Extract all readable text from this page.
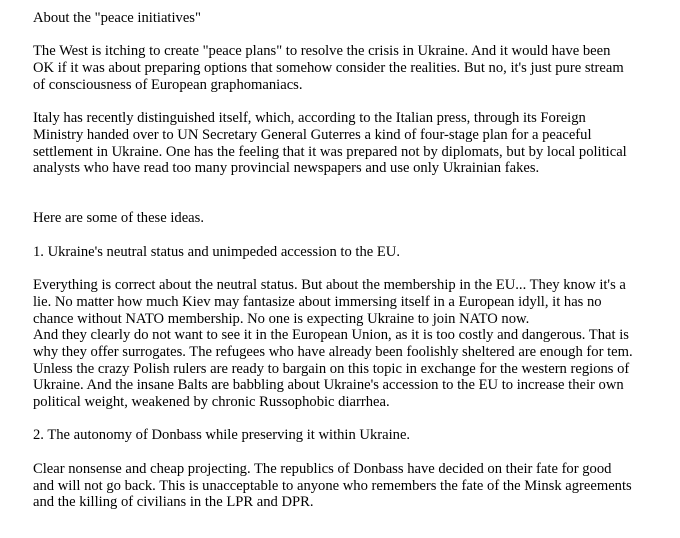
About the "peace initiatives"

The West is itching to create "peace plans" to resolve the crisis in Ukraine. And it would have been
OK if it was about preparing options that somehow consider the realities. But no, it's just pure stream
of consciousness of European graphomaniacs.

Italy has recently distinguished itself, which, according to the Italian press, through its Foreign
Ministry handed over to UN Secretary General Guterres a kind of four-stage plan for a peaceful
settlement in Ukraine. One has the feeling that it was prepared not by diplomats, but by local political
analysts who have read too many provincial newspapers and use only Ukrainian fakes.

Here are some of these ideas.

1. Ukraine's neutral status and unimpeded accession to the EU.

Everything is correct about the neutral status. But about the membership in the EU... They know it's a
lie. No matter how much Kiev may fantasize about immersing itself in a European idyll, it has no
chance without NATO membership. No one is expecting Ukraine to join NATO now.
And they clearly do not want to see it in the European Union, as it is too costly and dangerous. That is
why they offer surrogates. The refugees who have already been foolishly sheltered are enough for tem.
Unless the crazy Polish rulers are ready to bargain on this topic in exchange for the western regions of
Ukraine. And the insane Balts are babbling about Ukraine's accession to the EU to increase their own
political weight, weakened by chronic Russophobic diarrhea.

2. The autonomy of Donbass while preserving it within Ukraine.

Clear nonsense and cheap projecting. The republics of Donbass have decided on their fate for good
and will not go back. This is unacceptable to anyone who remembers the fate of the Minsk agreements
and the killing of civilians in the LPR and DPR.
